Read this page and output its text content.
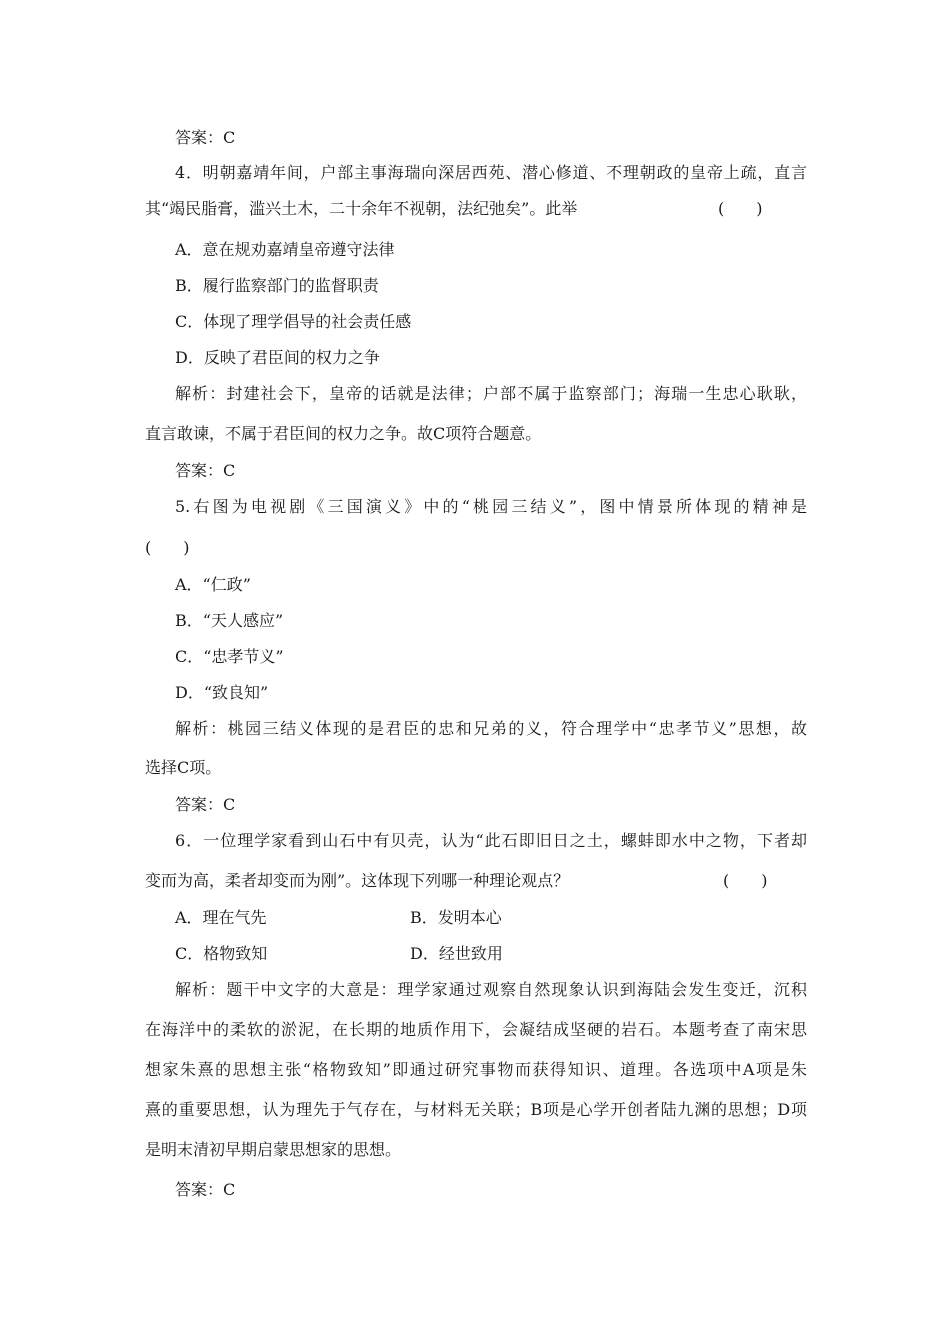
答案：C
4．明朝嘉靖年间，户部主事海瑞向深居西苑、潜心修道、不理朝政的皇帝上疏，直言
其“竭民脂膏，滥兴土木，二十余年不视朝，法纪弛矣”。此举	(　　)
A．意在规劝嘉靖皇帝遵守法律
B．履行监察部门的监督职责
C．体现了理学倡导的社会责任感
D．反映了君臣间的权力之争
解析：封建社会下，皇帝的话就是法律；户部不属于监察部门；海瑞一生忠心耿耿，
直言敢谏，不属于君臣间的权力之争。故C项符合题意。
答案：C
5.右图为电视剧《三国演义》中的“桃园三结义”，图中情景所体现的精神是
(　　)
A．“仁政”
B．“天人感应”
C．“忠孝节义”
D．“致良知”
解析：桃园三结义体现的是君臣的忠和兄弟的义，符合理学中“忠孝节义”思想，故
选择C项。
答案：C
6．一位理学家看到山石中有贝壳，认为“此石即旧日之土，螺蚌即水中之物，下者却
变而为高，柔者却变而为刚”。这体现下列哪一种理论观点？	(　　)
A．理在气先	B．发明本心
C．格物致知	D．经世致用
解析：题干中文字的大意是：理学家通过观察自然现象认识到海陆会发生变迁，沉积
在海洋中的柔软的淤泥，在长期的地质作用下，会凝结成坚硬的岩石。本题考查了南宋思
想家朱熹的思想主张“格物致知”即通过研究事物而获得知识、道理。各选项中A项是朱
熹的重要思想，认为理先于气存在，与材料无关联；B项是心学开创者陆九渊的思想；D项
是明末清初早期启蒙思想家的思想。
答案：C
